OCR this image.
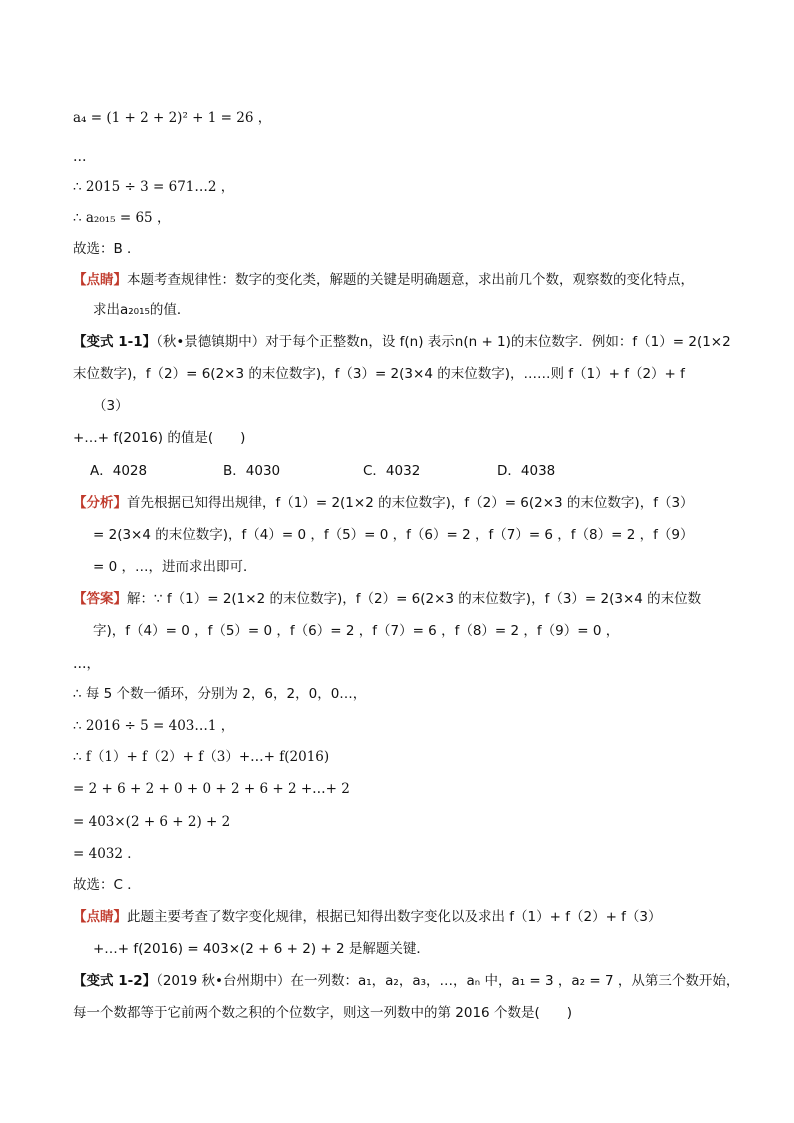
a₄ = (1 + 2 + 2)² + 1 = 26 ，
…
∴ 2015 ÷ 3 = 671…2 ，
∴ a₂₀₁₅ = 65 ，
故选：B ．
【点睛】本题考查规律性：数字的变化类，解题的关键是明确题意，求出前几个数，观察数的变化特点，
求出a₂₀₁₅的值．
【变式 1-1】（秋•景德镇期中）对于每个正整数n，设 f(n) 表示n(n + 1)的末位数字．例如：f（1）= 2(1×2
末位数字)，f（2）= 6(2×3 的末位数字)，f（3）= 2(3×4 的末位数字)，……则 f（1）+ f（2）+ f
（3）
+…+ f(2016) 的值是(　　)
A．4028	B．4030	C．4032	D．4038
【分析】首先根据已知得出规律，f（1）= 2(1×2 的末位数字)，f（2）= 6(2×3 的末位数字)，f（3）
= 2(3×4 的末位数字)，f（4）= 0 ，f（5）= 0 ，f（6）= 2 ，f（7）= 6 ，f（8）= 2 ，f（9）
= 0 ，…，进而求出即可．
【答案】解：∵ f（1）= 2(1×2 的末位数字)，f（2）= 6(2×3 的末位数字)，f（3）= 2(3×4 的末位数
字)，f（4）= 0 ，f（5）= 0 ，f（6）= 2 ，f（7）= 6 ，f（8）= 2 ，f（9）= 0 ，
…，
∴ 每 5 个数一循环，分别为 2，6，2，0，0…，
∴ 2016 ÷ 5 = 403…1 ，
∴ f（1）+ f（2）+ f（3）+…+ f(2016)
= 2 + 6 + 2 + 0 + 0 + 2 + 6 + 2 +…+ 2
= 403×(2 + 6 + 2) + 2
= 4032 ．
故选：C ．
【点睛】此题主要考查了数字变化规律，根据已知得出数字变化以及求出 f（1）+ f（2）+ f（3）
+…+ f(2016) = 403×(2 + 6 + 2) + 2 是解题关键．
【变式 1-2】（2019 秋•台州期中）在一列数：a₁，a₂，a₃，…，aₙ 中，a₁ = 3 ，a₂ = 7 ，从第三个数开始，
每一个数都等于它前两个数之积的个位数字，则这一列数中的第 2016 个数是(　　)
